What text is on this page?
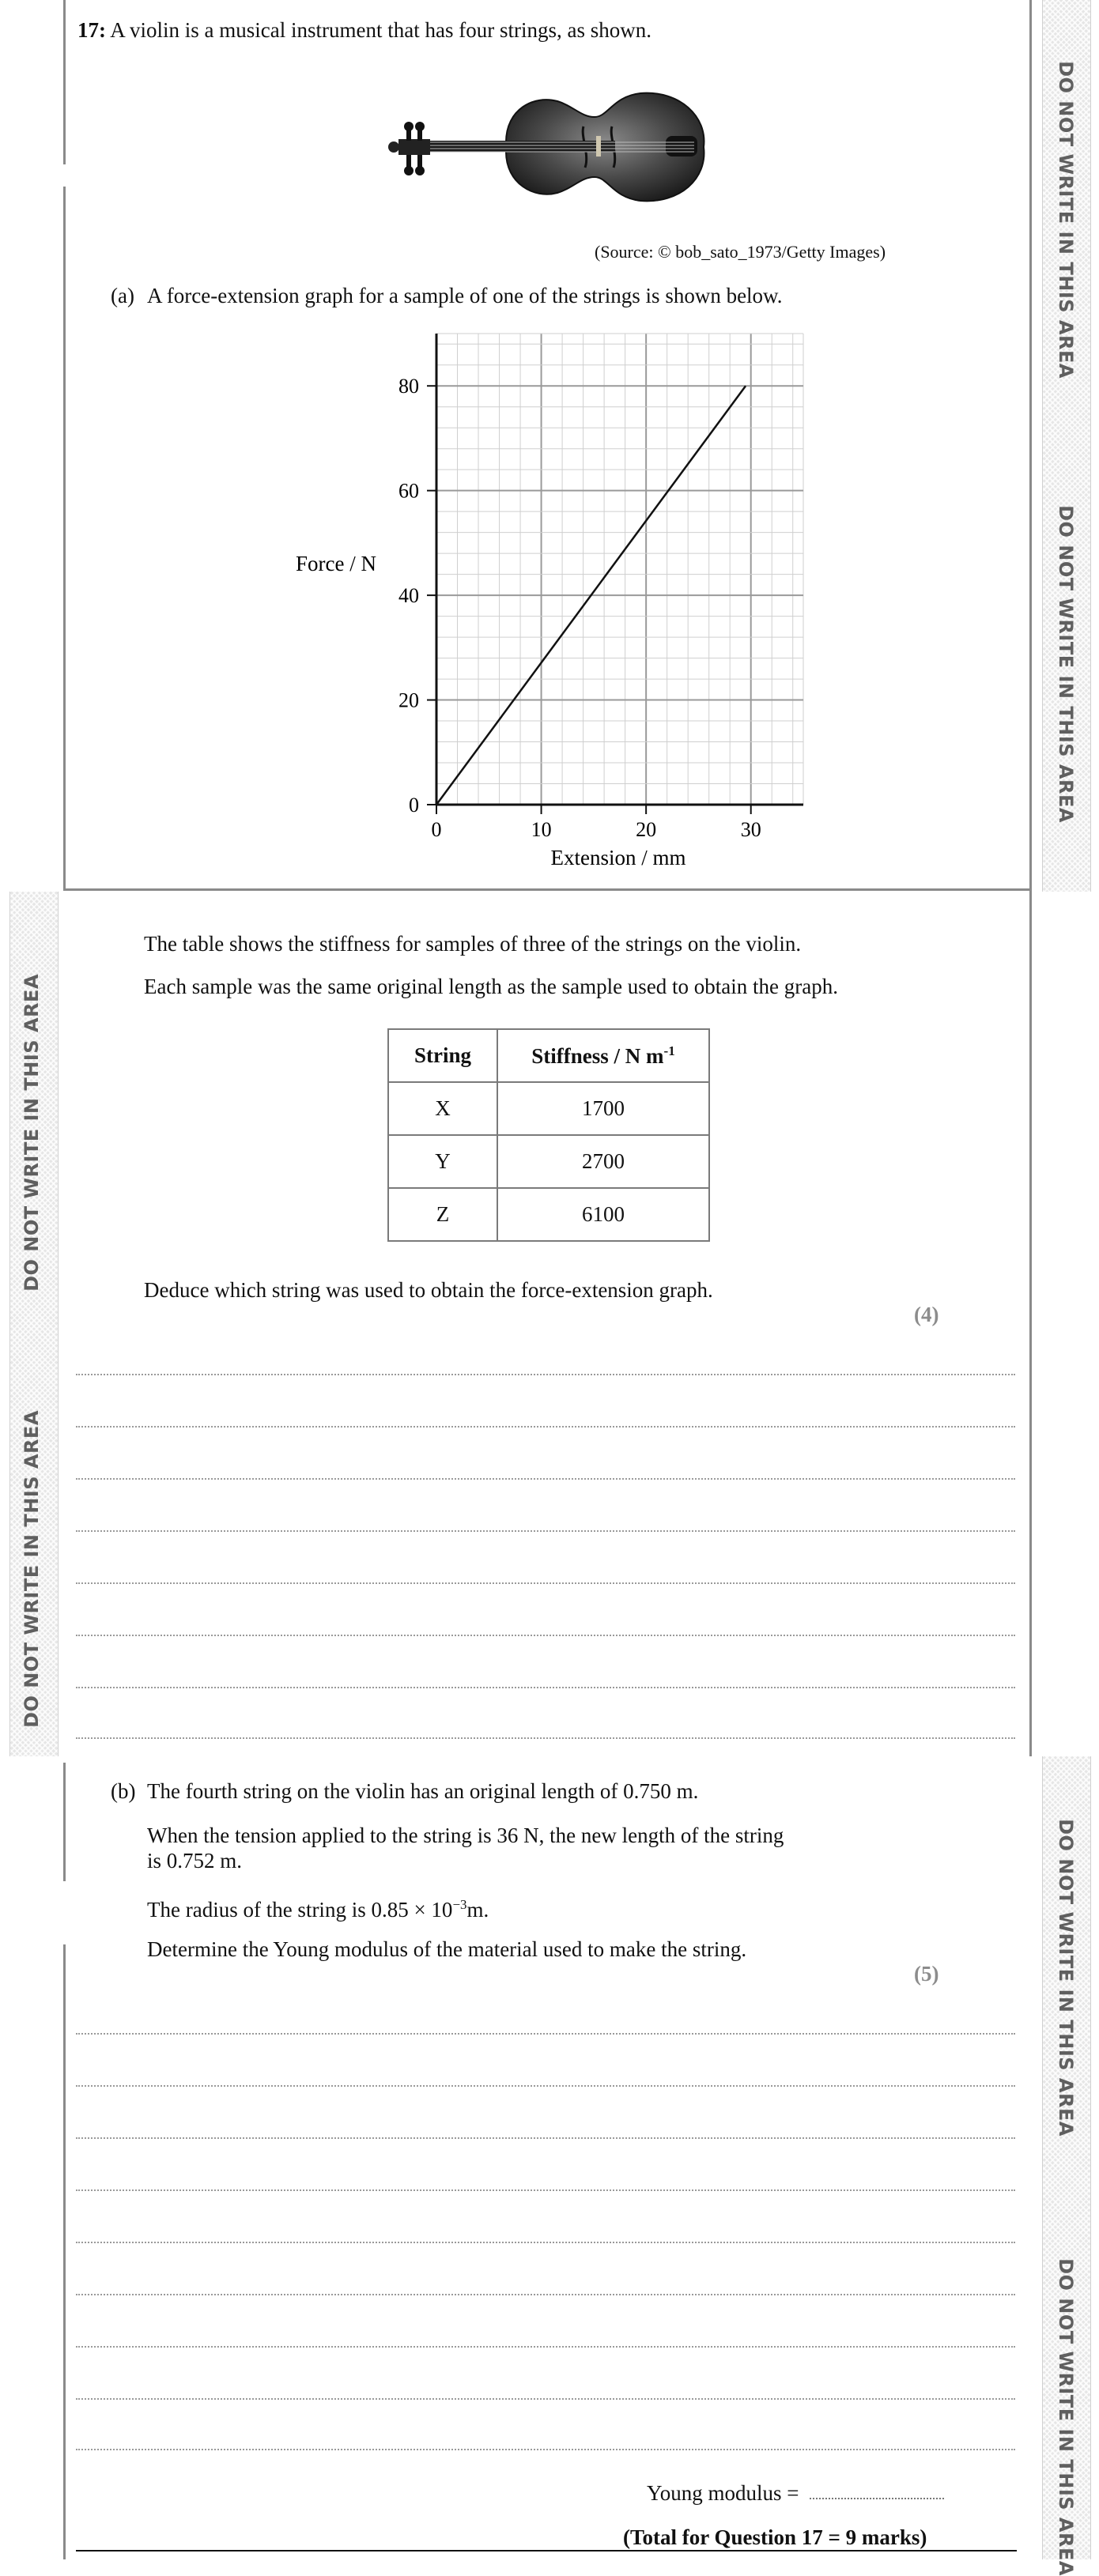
DO NOT WRITE IN THIS AREA
DO NOT WRITE IN THIS AREA
DO NOT WRITE IN THIS AREA
DO NOT WRITE IN THIS AREA
DO NOT WRITE IN THIS AREA
DO NOT WRITE IN THIS AREA
17: A violin is a musical instrument that has four strings, as shown.
(Source: © bob_sato_1973/Getty Images)
(a) A force-extension graph for a sample of one of the strings is shown below.
0
20
40
60
80
0	10	20	30
Force / N
Extension / mm
The table shows the stiffness for samples of three of the strings on the violin.
Each sample was the same original length as the sample used to obtain the graph.
String	Stiffness / N $m^{-1}$
X	1700
Y	2700
Z	6100
Deduce which string was used to obtain the force-extension graph.
(4)
(b) The fourth string on the violin has an original length of 0.750 m.
When the tension applied to the string is 36 N, the new length of the string
is 0.752 m.
The radius of the string is $0.85 \times 10^{-3}m$.
Determine the Young modulus of the material used to make the string.
(5)
Young modulus =
(Total for Question 17 = 9 marks)
